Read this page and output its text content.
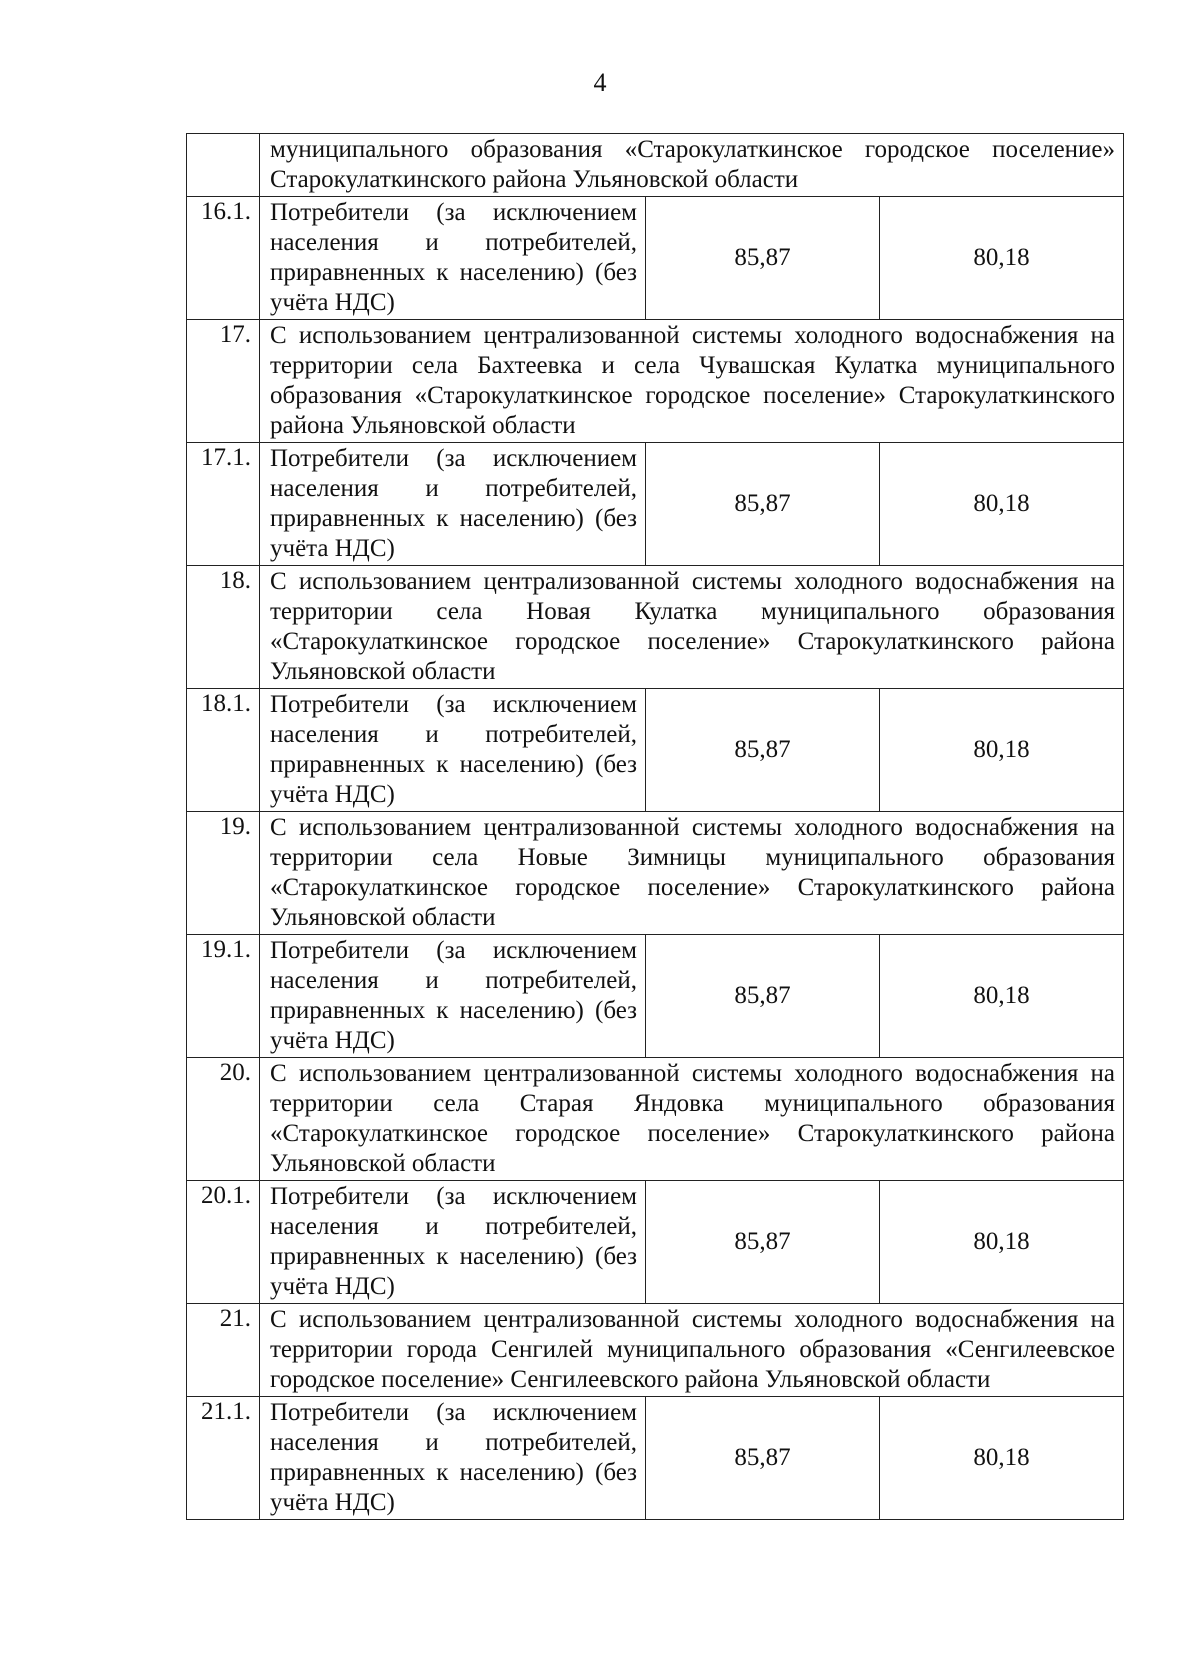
4
	муниципального образования «Старокулаткинское городское поселение» Старокулаткинского района Ульяновской области		
16.1.	Потребители (за исключением населения и потребителей, приравненных к населению) (без учёта НДС)	85,87	80,18
17.	С использованием централизованной системы холодного водоснабжения на территории села Бахтеевка и села Чувашская Кулатка муниципального образования «Старокулаткинское городское поселение» Старокулаткинского района Ульяновской области		
17.1.	Потребители (за исключением населения и потребителей, приравненных к населению) (без учёта НДС)	85,87	80,18
18.	С использованием централизованной системы холодного водоснабжения на территории села Новая Кулатка муниципального образования «Старокулаткинское городское поселение» Старокулаткинского района Ульяновской области		
18.1.	Потребители (за исключением населения и потребителей, приравненных к населению) (без учёта НДС)	85,87	80,18
19.	С использованием централизованной системы холодного водоснабжения на территории села Новые Зимницы муниципального образования «Старокулаткинское городское поселение» Старокулаткинского района Ульяновской области		
19.1.	Потребители (за исключением населения и потребителей, приравненных к населению) (без учёта НДС)	85,87	80,18
20.	С использованием централизованной системы холодного водоснабжения на территории села Старая Яндовка муниципального образования «Старокулаткинское городское поселение» Старокулаткинского района Ульяновской области		
20.1.	Потребители (за исключением населения и потребителей, приравненных к населению) (без учёта НДС)	85,87	80,18
21.	С использованием централизованной системы холодного водоснабжения на территории города Сенгилей муниципального образования «Сенгилеевское городское поселение» Сенгилеевского района Ульяновской области		
21.1.	Потребители (за исключением населения и потребителей, приравненных к населению) (без учёта НДС)	85,87	80,18
